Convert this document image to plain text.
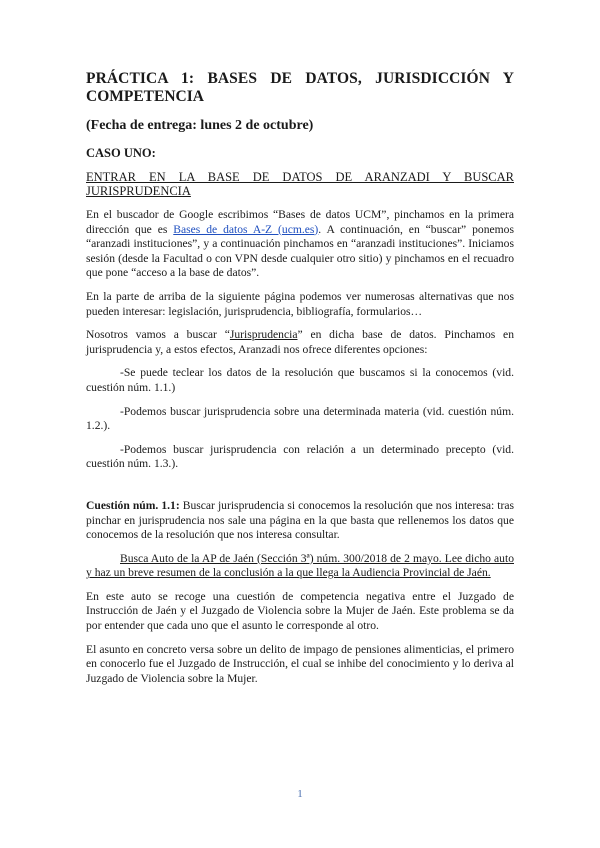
PRÁCTICA 1: BASES DE DATOS, JURISDICCIÓN Y

COMPETENCIA

(Fecha de entrega: lunes 2 de octubre)

CASO UNO:

ENTRAR EN LA BASE DE DATOS DE ARANZADI Y BUSCAR

JURISPRUDENCIA

En el buscador de Google escribimos “Bases de datos UCM”, pinchamos en la primera dirección que es Bases de datos A-Z (ucm.es). A continuación, en “buscar” ponemos “aranzadi instituciones”, y a continuación pinchamos en “aranzadi instituciones”. Iniciamos sesión (desde la Facultad o con VPN desde cualquier otro sitio) y pinchamos en el recuadro que pone “acceso a la base de datos”.

En la parte de arriba de la siguiente página podemos ver numerosas alternativas que nos pueden interesar: legislación, jurisprudencia, bibliografía, formularios…

Nosotros vamos a buscar “Jurisprudencia” en dicha base de datos. Pinchamos en jurisprudencia y, a estos efectos, Aranzadi nos ofrece diferentes opciones:

-Se puede teclear los datos de la resolución que buscamos si la conocemos (vid. cuestión núm. 1.1.)

-Podemos buscar jurisprudencia sobre una determinada materia (vid. cuestión núm. 1.2.).

-Podemos buscar jurisprudencia con relación a un determinado precepto (vid. cuestión núm. 1.3.).

Cuestión núm. 1.1: Buscar jurisprudencia si conocemos la resolución que nos interesa: tras pinchar en jurisprudencia nos sale una página en la que basta que rellenemos los datos que conocemos de la resolución que nos interesa consultar.

Busca Auto de la AP de Jaén (Sección 3ª) núm. 300/2018 de 2 mayo. Lee dicho auto y haz un breve resumen de la conclusión a la que llega la Audiencia Provincial de Jaén.

En este auto se recoge una cuestión de competencia negativa entre el Juzgado de Instrucción de Jaén y el Juzgado de Violencia sobre la Mujer de Jaén. Este problema se da por entender que cada uno que el asunto le corresponde al otro.

El asunto en concreto versa sobre un delito de impago de pensiones alimenticias, el primero en conocerlo fue el Juzgado de Instrucción, el cual se inhibe del conocimiento y lo deriva al Juzgado de Violencia sobre la Mujer.

1
